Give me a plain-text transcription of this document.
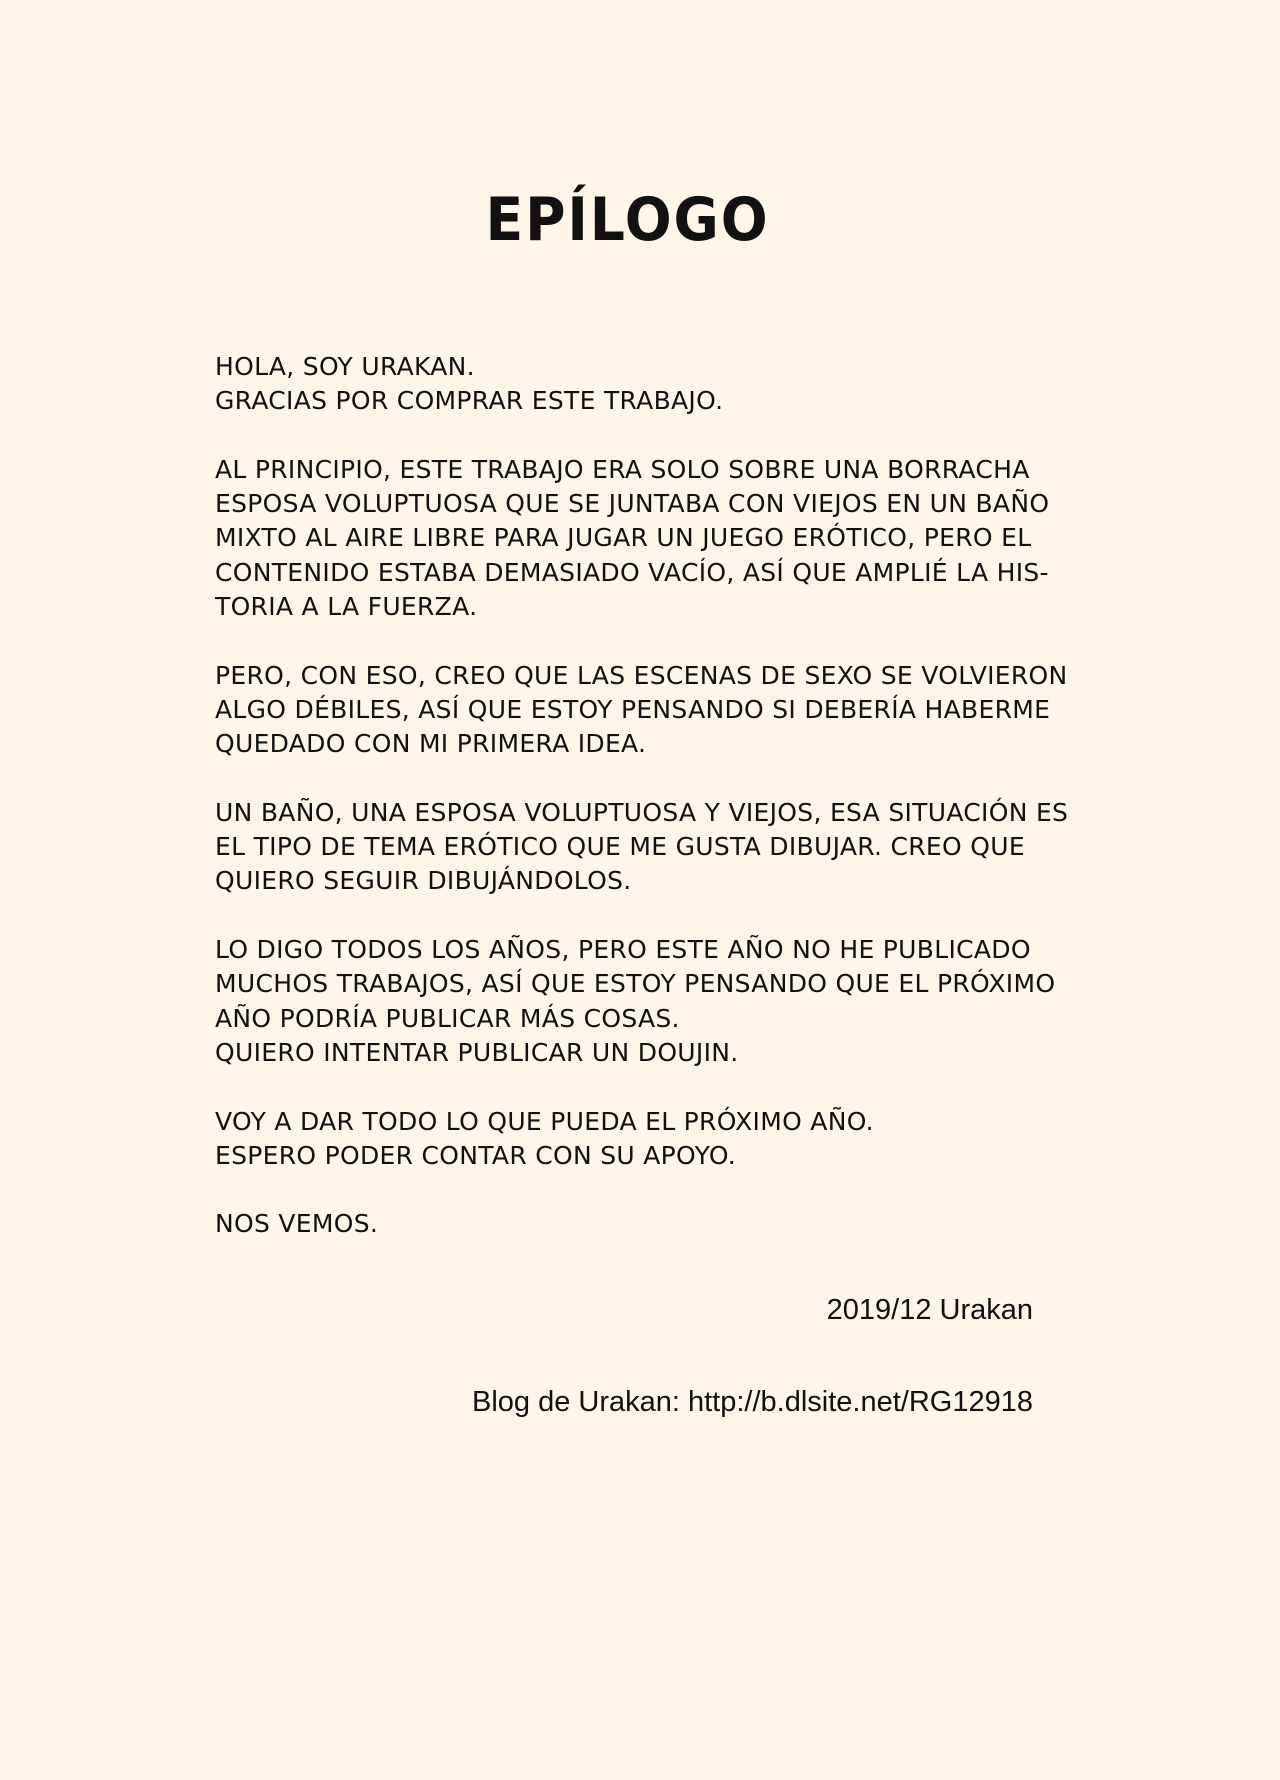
EPÍLOGO

HOLA, SOY URAKAN.
GRACIAS POR COMPRAR ESTE TRABAJO.

AL PRINCIPIO, ESTE TRABAJO ERA SOLO SOBRE UNA BORRACHA
ESPOSA VOLUPTUOSA QUE SE JUNTABA CON VIEJOS EN UN BAÑO
MIXTO AL AIRE LIBRE PARA JUGAR UN JUEGO ERÓTICO, PERO EL
CONTENIDO ESTABA DEMASIADO VACÍO, ASÍ QUE AMPLIÉ LA HIS-
TORIA A LA FUERZA.

PERO, CON ESO, CREO QUE LAS ESCENAS DE SEXO SE VOLVIERON
ALGO DÉBILES, ASÍ QUE ESTOY PENSANDO SI DEBERÍA HABERME
QUEDADO CON MI PRIMERA IDEA.

UN BAÑO, UNA ESPOSA VOLUPTUOSA Y VIEJOS, ESA SITUACIÓN ES
EL TIPO DE TEMA ERÓTICO QUE ME GUSTA DIBUJAR. CREO QUE
QUIERO SEGUIR DIBUJÁNDOLOS.

LO DIGO TODOS LOS AÑOS, PERO ESTE AÑO NO HE PUBLICADO
MUCHOS TRABAJOS, ASÍ QUE ESTOY PENSANDO QUE EL PRÓXIMO
AÑO PODRÍA PUBLICAR MÁS COSAS.
QUIERO INTENTAR PUBLICAR UN DOUJIN.

VOY A DAR TODO LO QUE PUEDA EL PRÓXIMO AÑO.
ESPERO PODER CONTAR CON SU APOYO.

NOS VEMOS.

2019/12 Urakan

Blog de Urakan: http://b.dlsite.net/RG12918
